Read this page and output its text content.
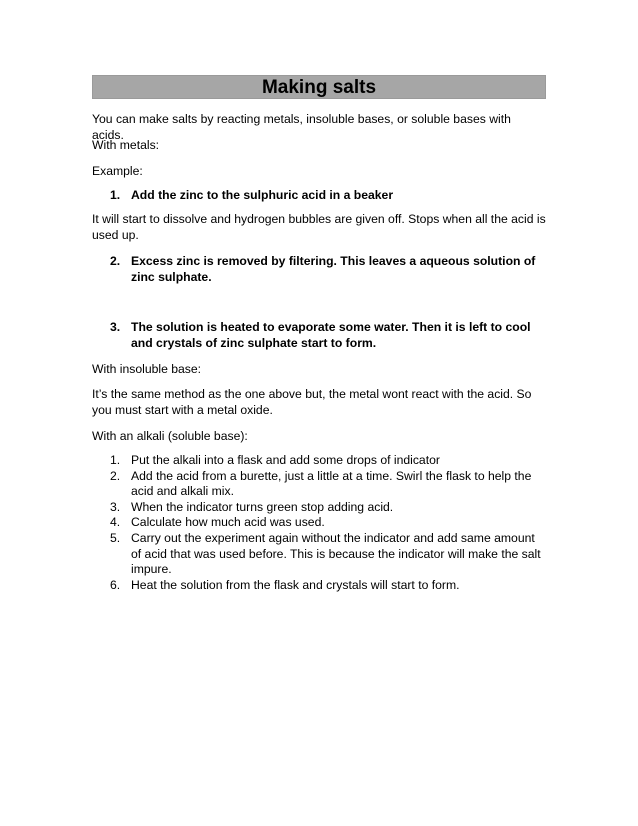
Making salts

You can make salts by reacting metals, insoluble bases, or soluble bases with acids.

With metals:

Example:

1. Add the zinc to the sulphuric acid in a beaker

It will start to dissolve and hydrogen bubbles are given off. Stops when all the acid is used up.

2. Excess zinc is removed by filtering. This leaves a aqueous solution of zinc sulphate.
3. The solution is heated to evaporate some water. Then it is left to cool and crystals of zinc sulphate start to form.

With insoluble base:

It’s the same method as the one above but, the metal wont react with the acid. So you must start with a metal oxide.

With an alkali (soluble base):

1. Put the alkali into a flask and add some drops of indicator
2. Add the acid from a burette, just a little at a time. Swirl the flask to help the acid and alkali mix.
3. When the indicator turns green stop adding acid.
4. Calculate how much acid was used.
5. Carry out the experiment again without the indicator and add same amount of acid that was used before. This is because the indicator will make the salt impure.
6. Heat the solution from the flask and crystals will start to form.
